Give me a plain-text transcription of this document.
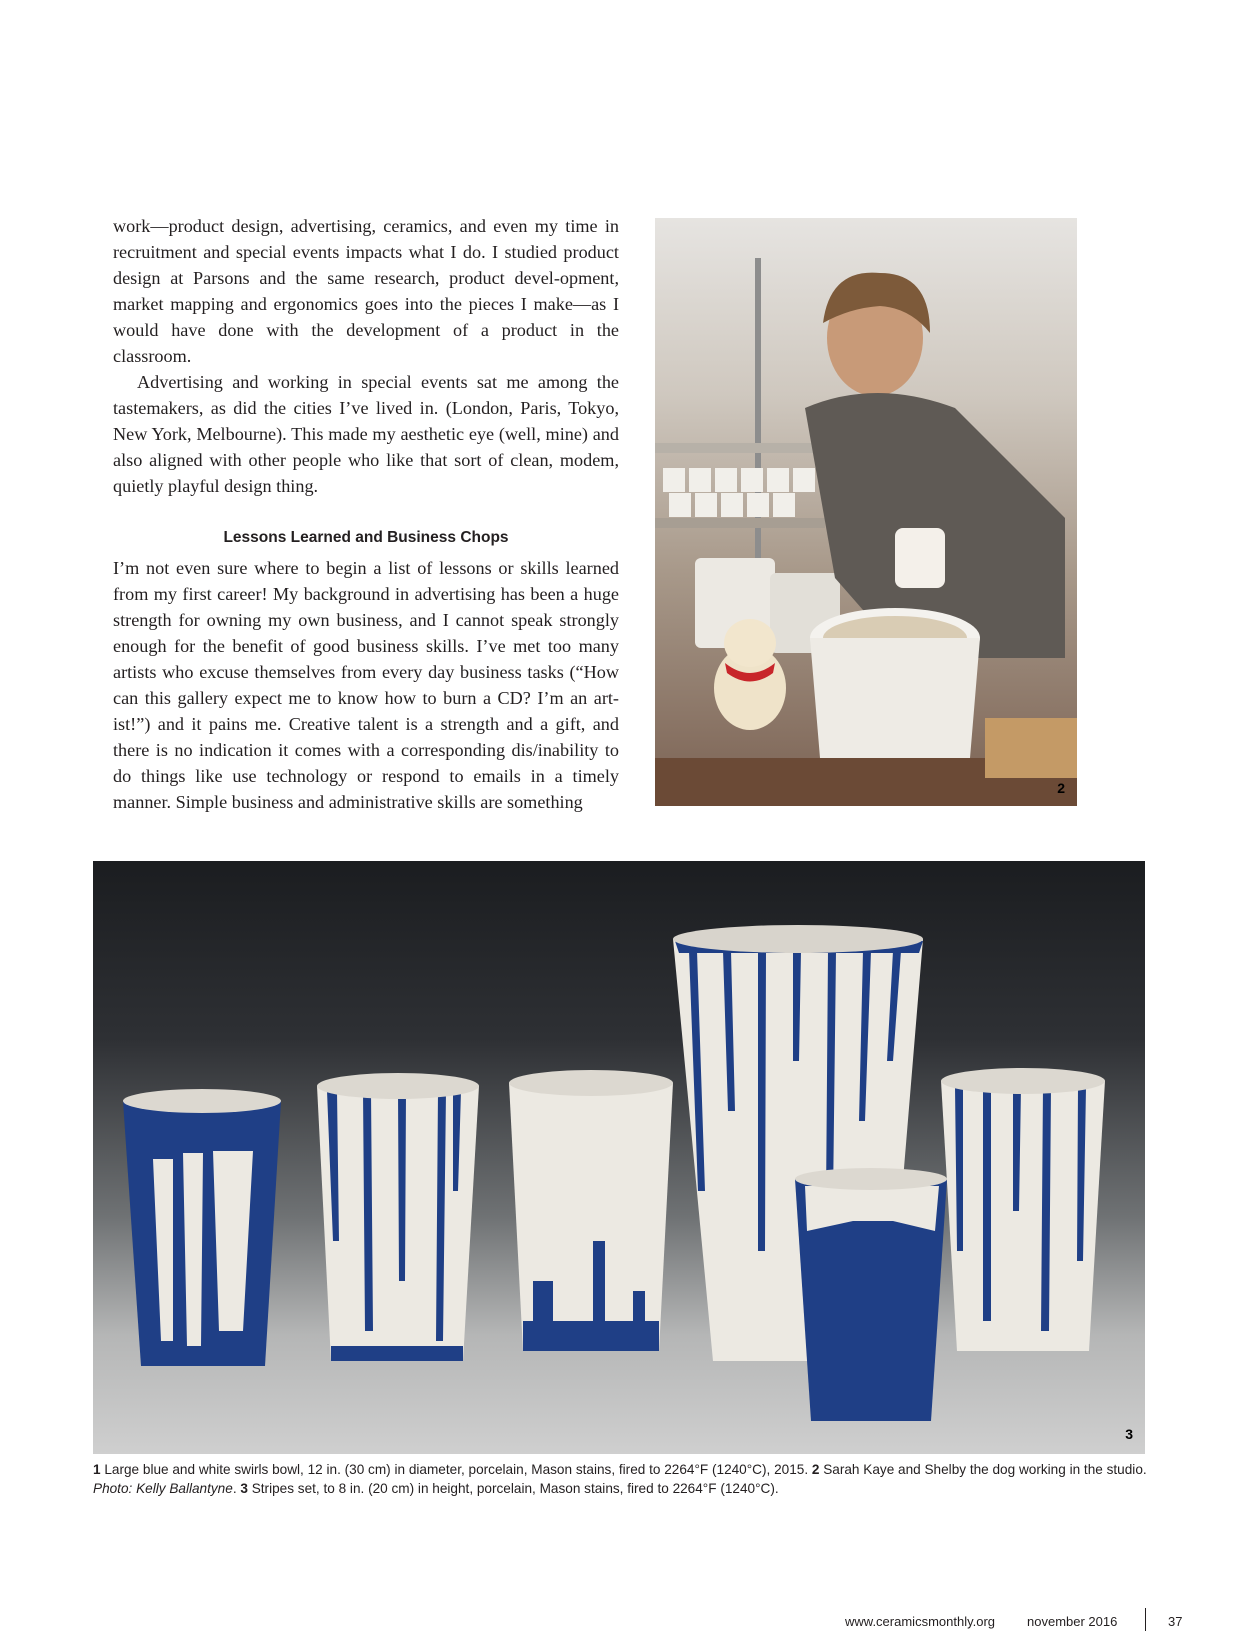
work—product design, advertising, ceramics, and even my time in recruitment and special events impacts what I do. I studied product design at Parsons and the same research, product devel-opment, market mapping and ergonomics goes into the pieces I make—as I would have done with the development of a product in the classroom.

Advertising and working in special events sat me among the tastemakers, as did the cities I’ve lived in. (London, Paris, Tokyo, New York, Melbourne). This made my aesthetic eye (well, mine) and also aligned with other people who like that sort of clean, modem, quietly playful design thing.

Lessons Learned and Business Chops

I’m not even sure where to begin a list of lessons or skills learned from my first career! My background in advertising has been a huge strength for owning my own business, and I cannot speak strongly enough for the benefit of good business skills. I’ve met too many artists who excuse themselves from every day business tasks (“How can this gallery expect me to know how to burn a CD? I’m an art-ist!”) and it pains me. Creative talent is a strength and a gift, and there is no indication it comes with a corresponding dis/inability to do things like use technology or respond to emails in a timely manner. Simple business and administrative skills are something

2
3
1 Large blue and white swirls bowl, 12 in. (30 cm) in diameter, porcelain, Mason stains, fired to 2264°F (1240°C), 2015. 2 Sarah Kaye and Shelby the dog working in the studio. Photo: Kelly Ballantyne. 3 Stripes set, to 8 in. (20 cm) in height, porcelain, Mason stains, fired to 2264°F (1240°C).
www.ceramicsmonthly.org november 2016	37
